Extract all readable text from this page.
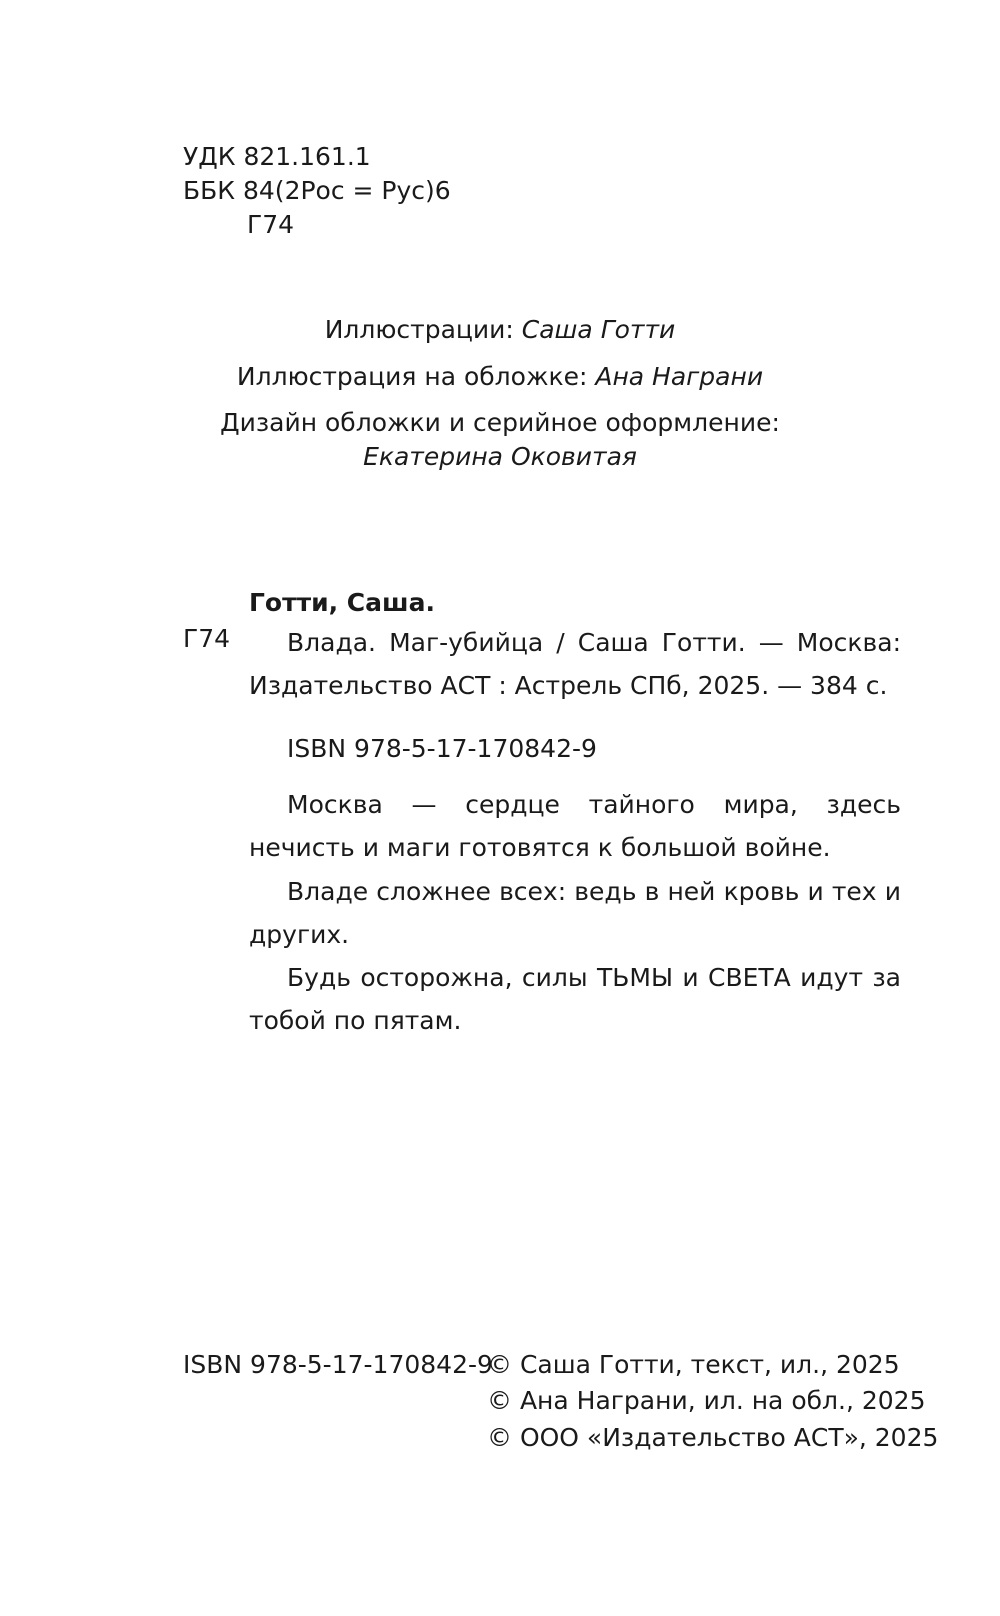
УДК 821.161.1
ББК 84(2Рос = Рус)6
Г74
Иллюстрации: Саша Готти
Иллюстрация на обложке: Ана Награни
Дизайн обложки и серийное оформление:
Екатерина Оковитая
Готти, Саша.
Г74	Влада. Маг-убийца / Саша Готти. — Москва: Издательство АСТ : Астрель СПб, 2025. — 384 с.
ISBN 978-5-17-170842-9
Москва — сердце тайного мира, здесь нечисть и маги готовятся к большой войне.
Владе сложнее всех: ведь в ней кровь и тех и других.
Будь осторожна, силы ТЬМЫ и СВЕТА идут за тобой по пятам.
ISBN 978-5-17-170842-9
© Саша Готти, текст, ил., 2025
© Ана Награни, ил. на обл., 2025
© ООО «Издательство АСТ», 2025
